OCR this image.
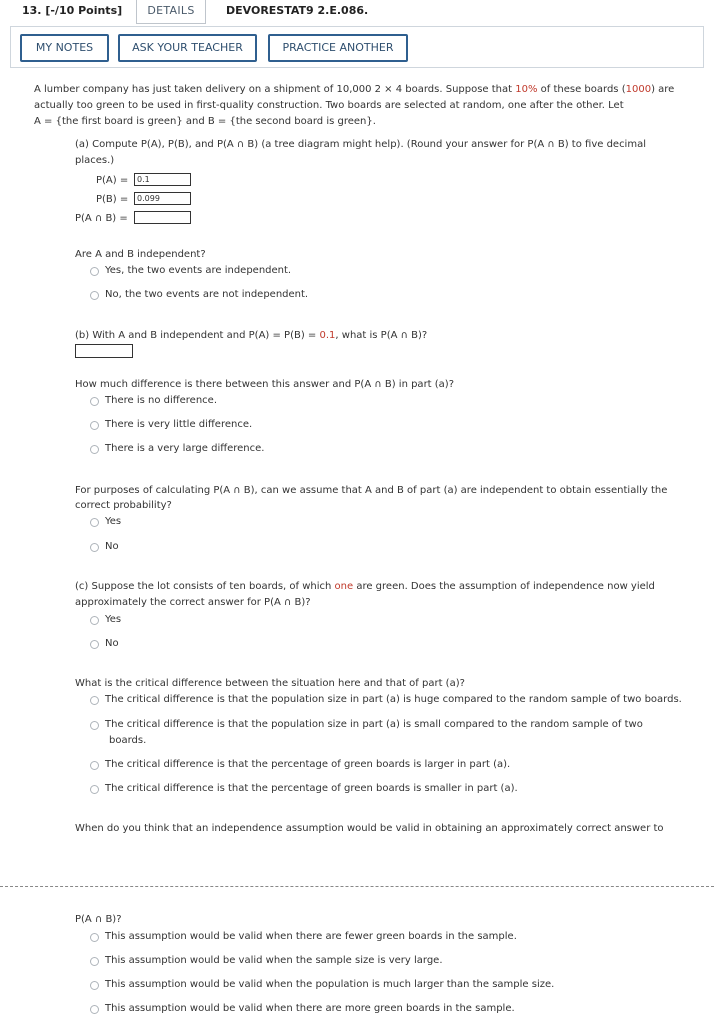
13. [-/10 Points]	DETAILS	DEVORESTAT9 2.E.086.
MY NOTES	ASK YOUR TEACHER	PRACTICE ANOTHER
A lumber company has just taken delivery on a shipment of 10,000 2 × 4 boards. Suppose that 10% of these boards (1000) are
actually too green to be used in first-quality construction. Two boards are selected at random, one after the other. Let
A = {the first board is green} and B = {the second board is green}.
(a) Compute P(A), P(B), and P(A ∩ B) (a tree diagram might help). (Round your answer for P(A ∩ B) to five decimal
places.)
P(A) =
0.1
P(B) =
0.099
P(A ∩ B) =
Are A and B independent?
Yes, the two events are independent.
No, the two events are not independent.
(b) With A and B independent and P(A) = P(B) = 0.1, what is P(A ∩ B)?
How much difference is there between this answer and P(A ∩ B) in part (a)?
There is no difference.
There is very little difference.
There is a very large difference.
For purposes of calculating P(A ∩ B), can we assume that A and B of part (a) are independent to obtain essentially the
correct probability?
Yes
No
(c) Suppose the lot consists of ten boards, of which one are green. Does the assumption of independence now yield
approximately the correct answer for P(A ∩ B)?
Yes
No
What is the critical difference between the situation here and that of part (a)?
The critical difference is that the population size in part (a) is huge compared to the random sample of two boards.
The critical difference is that the population size in part (a) is small compared to the random sample of two
boards.
The critical difference is that the percentage of green boards is larger in part (a).
The critical difference is that the percentage of green boards is smaller in part (a).
When do you think that an independence assumption would be valid in obtaining an approximately correct answer to
P(A ∩ B)?
This assumption would be valid when there are fewer green boards in the sample.
This assumption would be valid when the sample size is very large.
This assumption would be valid when the population is much larger than the sample size.
This assumption would be valid when there are more green boards in the sample.
